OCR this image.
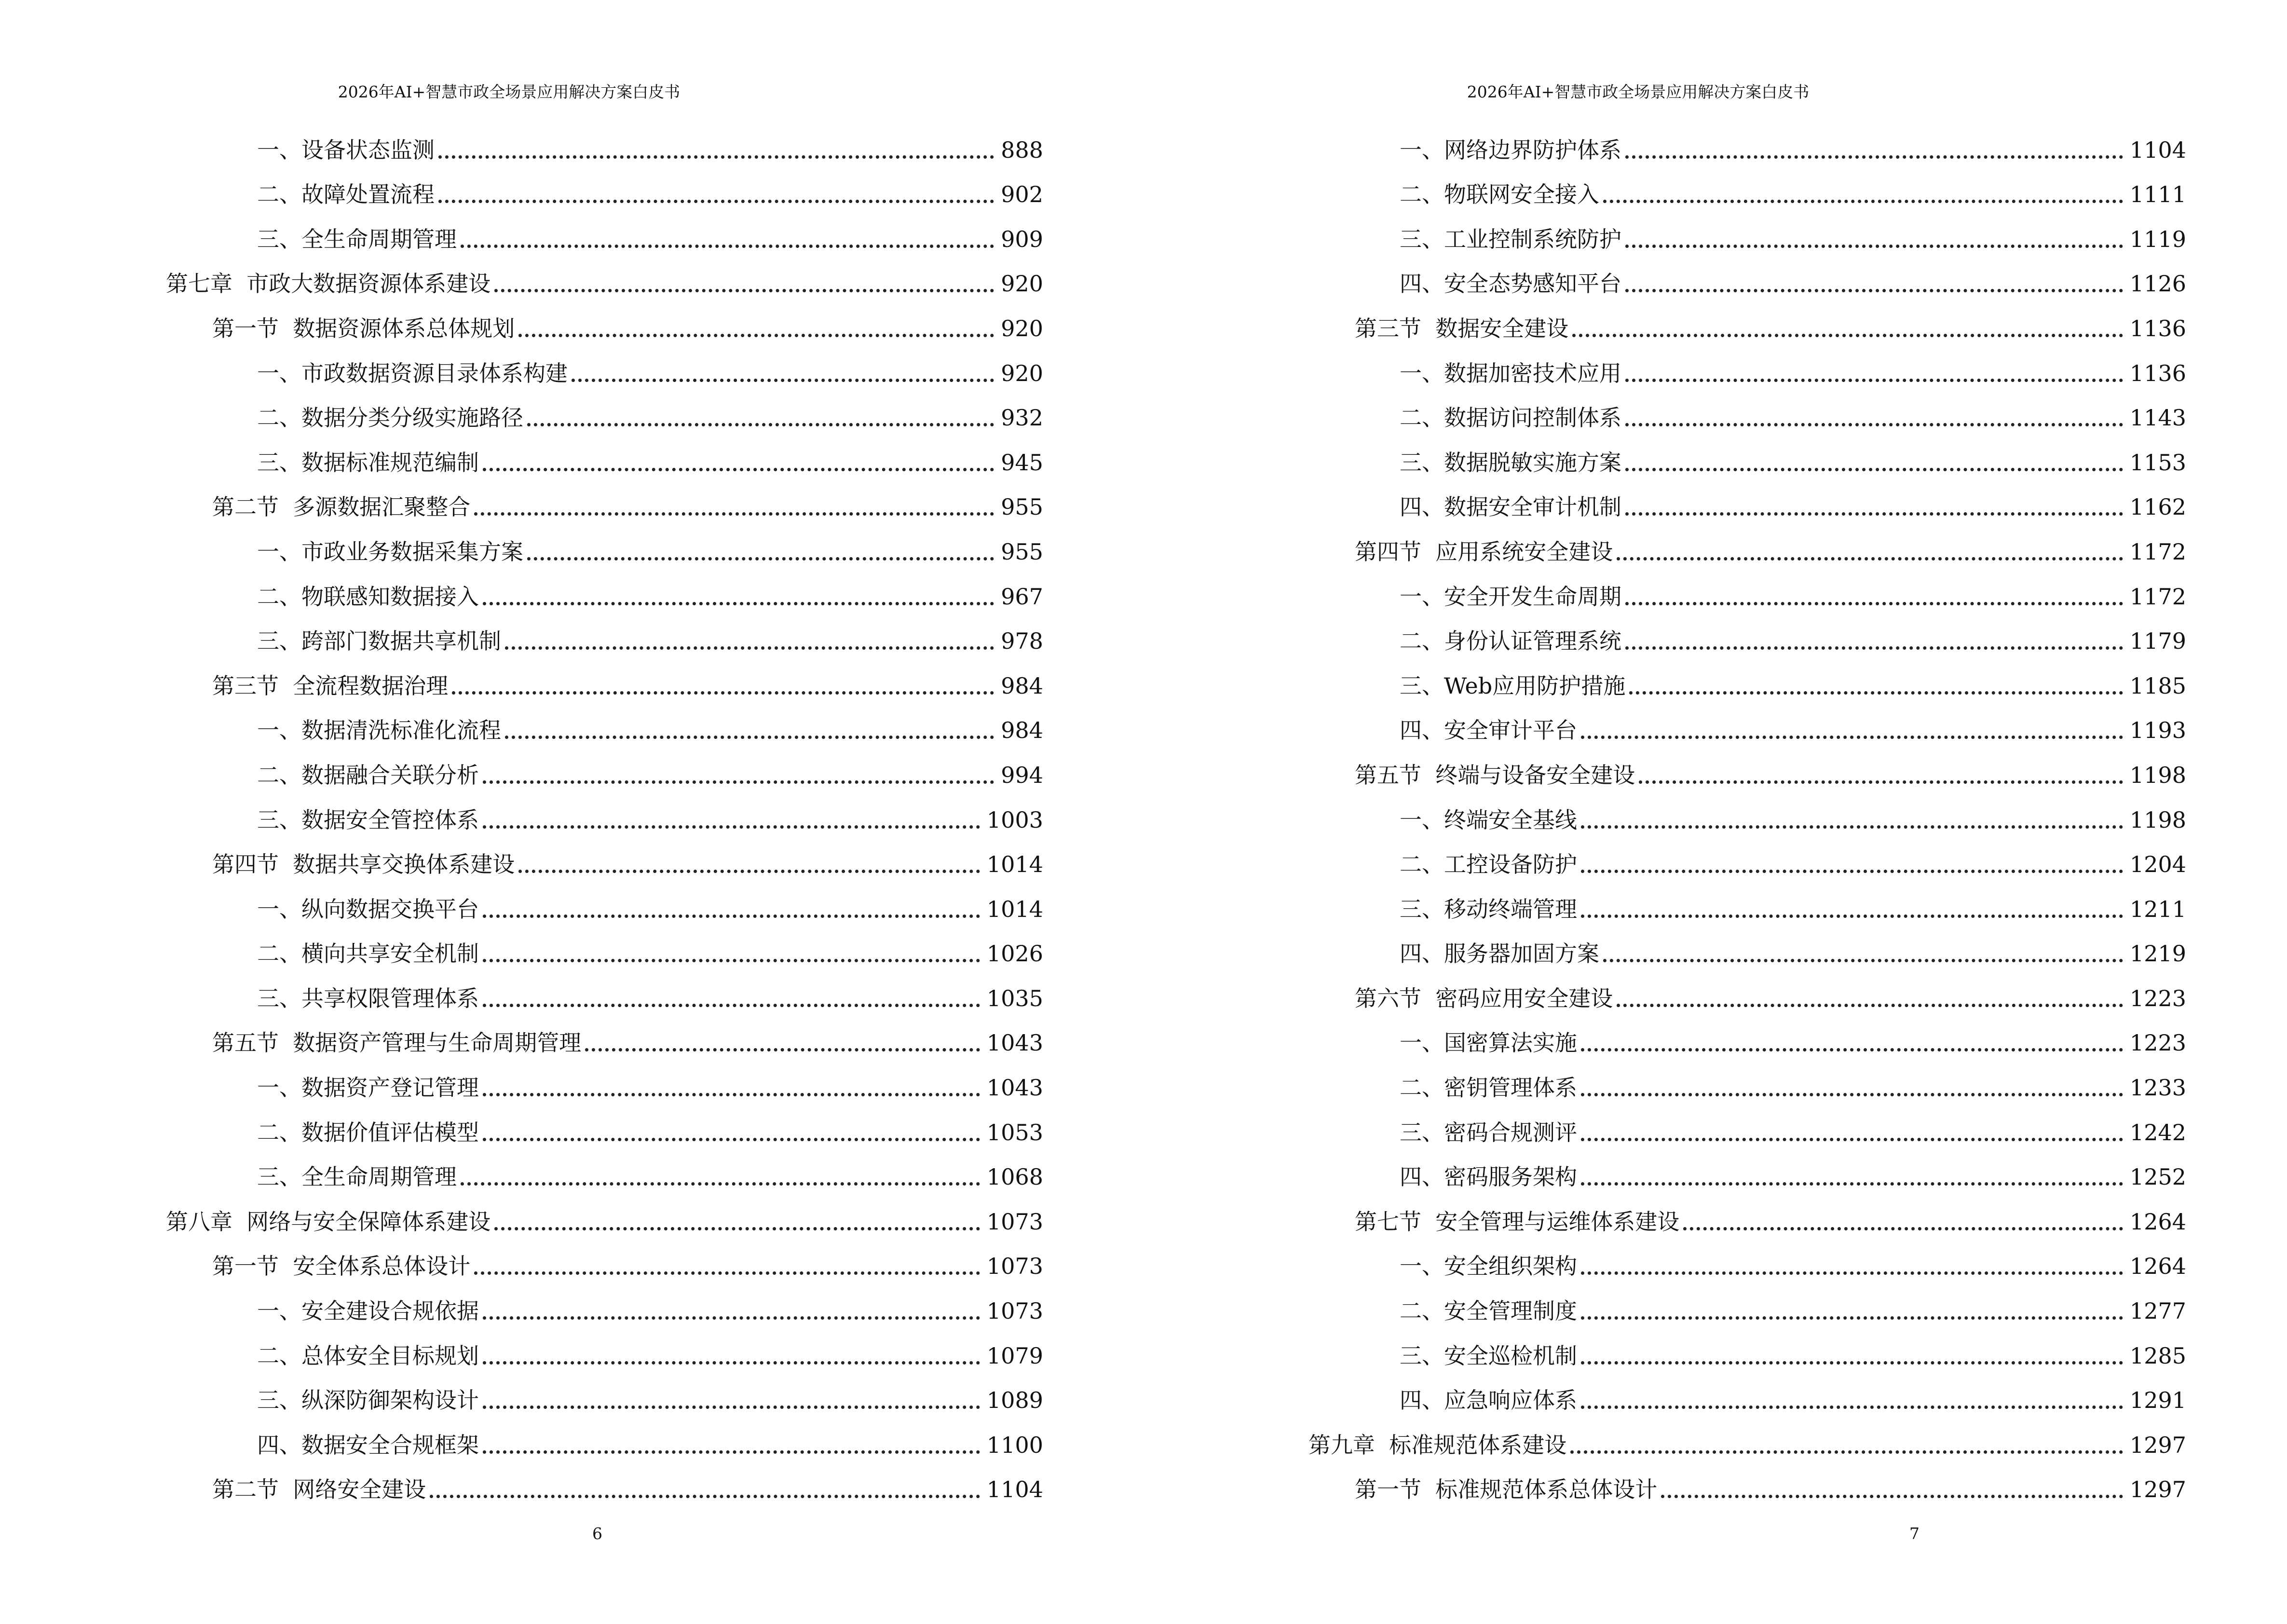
2026年AI+智慧市政全场景应用解决方案白皮书
一、设备状态监测	888
二、故障处置流程	902
三、全生命周期管理	909
第七章  市政大数据资源体系建设	920
第一节  数据资源体系总体规划	920
一、市政数据资源目录体系构建	920
二、数据分类分级实施路径	932
三、数据标准规范编制	945
第二节  多源数据汇聚整合	955
一、市政业务数据采集方案	955
二、物联感知数据接入	967
三、跨部门数据共享机制	978
第三节  全流程数据治理	984
一、数据清洗标准化流程	984
二、数据融合关联分析	994
三、数据安全管控体系	1003
第四节  数据共享交换体系建设	1014
一、纵向数据交换平台	1014
二、横向共享安全机制	1026
三、共享权限管理体系	1035
第五节  数据资产管理与生命周期管理	1043
一、数据资产登记管理	1043
二、数据价值评估模型	1053
三、全生命周期管理	1068
第八章  网络与安全保障体系建设	1073
第一节  安全体系总体设计	1073
一、安全建设合规依据	1073
二、总体安全目标规划	1079
三、纵深防御架构设计	1089
四、数据安全合规框架	1100
第二节  网络安全建设	1104
6
2026年AI+智慧市政全场景应用解决方案白皮书
一、网络边界防护体系	1104
二、物联网安全接入	1111
三、工业控制系统防护	1119
四、安全态势感知平台	1126
第三节  数据安全建设	1136
一、数据加密技术应用	1136
二、数据访问控制体系	1143
三、数据脱敏实施方案	1153
四、数据安全审计机制	1162
第四节  应用系统安全建设	1172
一、安全开发生命周期	1172
二、身份认证管理系统	1179
三、Web应用防护措施	1185
四、安全审计平台	1193
第五节  终端与设备安全建设	1198
一、终端安全基线	1198
二、工控设备防护	1204
三、移动终端管理	1211
四、服务器加固方案	1219
第六节  密码应用安全建设	1223
一、国密算法实施	1223
二、密钥管理体系	1233
三、密码合规测评	1242
四、密码服务架构	1252
第七节  安全管理与运维体系建设	1264
一、安全组织架构	1264
二、安全管理制度	1277
三、安全巡检机制	1285
四、应急响应体系	1291
第九章  标准规范体系建设	1297
第一节  标准规范体系总体设计	1297
7
